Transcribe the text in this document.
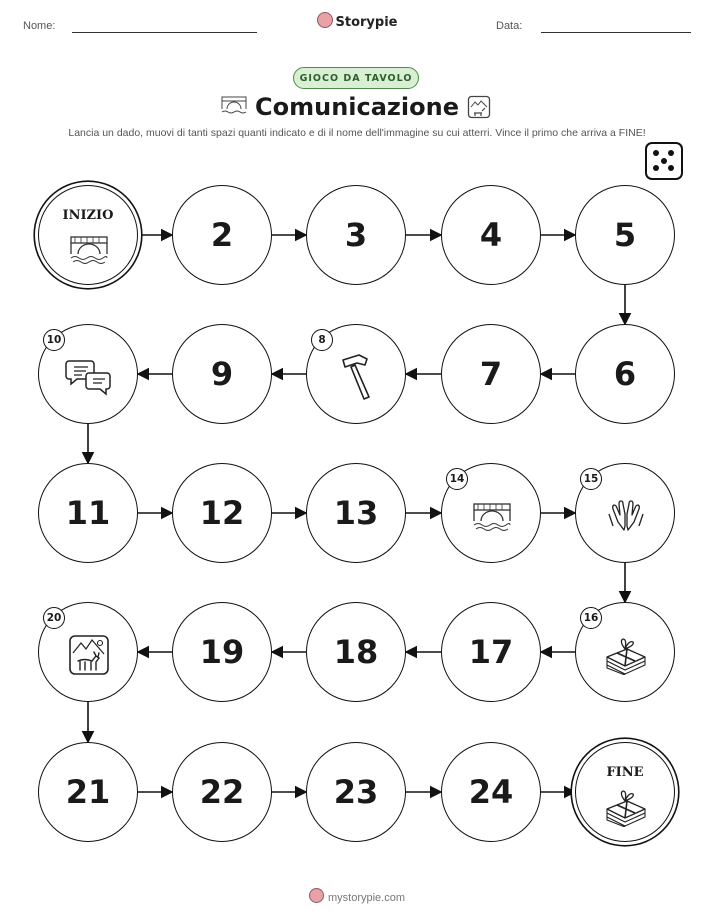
Nome:	Storypie	Data:
GIOCO DA TAVOLO
Comunicazione
Lancia un dado, muovi di tanti spazi quanti indicato e di il nome dell'immagine su cui atterri. Vince il primo che arriva a FINE!
INIZIO
2	3	4	5
10
9
8
7	6
11	12	13
14	15
20
19	18	17
16
21	22	23	24
FINE
mystorypie.com
